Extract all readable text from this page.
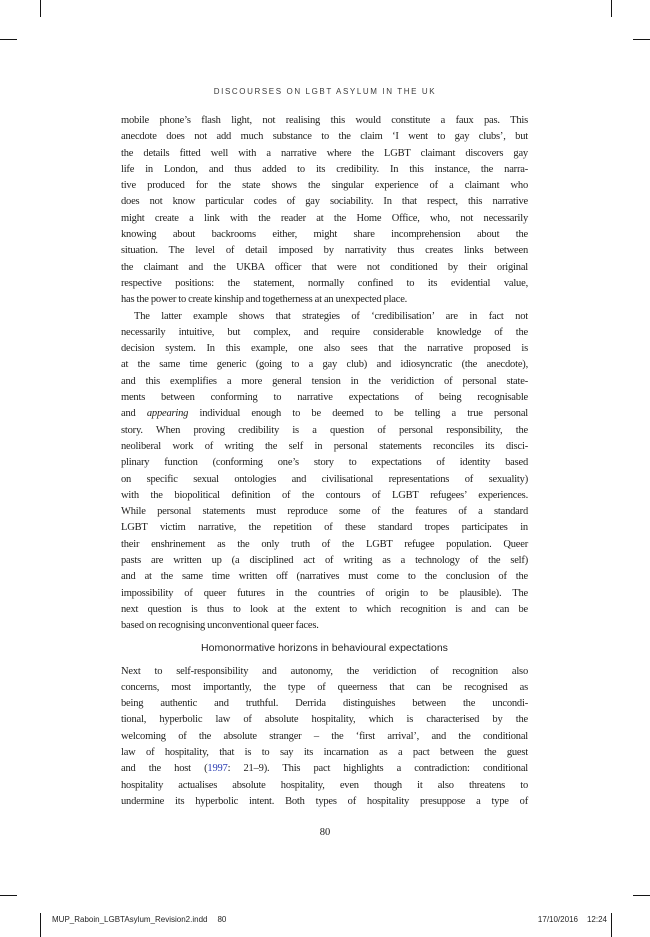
DISCOURSES ON LGBT ASYLUM IN THE UK
mobile phone’s flash light, not realising this would constitute a faux pas. This
anecdote does not add much substance to the claim ‘I went to gay clubs’, but
the details fitted well with a narrative where the LGBT claimant discovers gay
life in London, and thus added to its credibility. In this instance, the narra-
tive produced for the state shows the singular experience of a claimant who
does not know particular codes of gay sociability. In that respect, this narrative
might create a link with the reader at the Home Office, who, not necessarily
knowing about backrooms either, might share incomprehension about the
situation. The level of detail imposed by narrativity thus creates links between
the claimant and the UKBA officer that were not conditioned by their original
respective positions: the statement, normally confined to its evidential value,
has the power to create kinship and togetherness at an unexpected place.
The latter example shows that strategies of ‘credibilisation’ are in fact not
necessarily intuitive, but complex, and require considerable knowledge of the
decision system. In this example, one also sees that the narrative proposed is
at the same time generic (going to a gay club) and idiosyncratic (the anecdote),
and this exemplifies a more general tension in the veridiction of personal state-
ments between conforming to narrative expectations of being recognisable
and appearing individual enough to be deemed to be telling a true personal
story. When proving credibility is a question of personal responsibility, the
neoliberal work of writing the self in personal statements reconciles its disci-
plinary function (conforming one’s story to expectations of identity based
on specific sexual ontologies and civilisational representations of sexuality)
with the biopolitical definition of the contours of LGBT refugees’ experiences.
While personal statements must reproduce some of the features of a standard
LGBT victim narrative, the repetition of these standard tropes participates in
their enshrinement as the only truth of the LGBT refugee population. Queer
pasts are written up (a disciplined act of writing as a technology of the self)
and at the same time written off (narratives must come to the conclusion of the
impossibility of queer futures in the countries of origin to be plausible). The
next question is thus to look at the extent to which recognition is and can be
based on recognising unconventional queer faces.
Homonormative horizons in behavioural expectations
Next to self-responsibility and autonomy, the veridiction of recognition also
concerns, most importantly, the type of queerness that can be recognised as
being authentic and truthful. Derrida distinguishes between the uncondi-
tional, hyperbolic law of absolute hospitality, which is characterised by the
welcoming of the absolute stranger – the ‘first arrival’, and the conditional
law of hospitality, that is to say its incarnation as a pact between the guest
and the host (1997: 21–9). This pact highlights a contradiction: conditional
hospitality actualises absolute hospitality, even though it also threatens to
undermine its hyperbolic intent. Both types of hospitality presuppose a type of
80
MUP_Raboin_LGBTAsylum_Revision2.indd 80	17/10/2016 12:24
